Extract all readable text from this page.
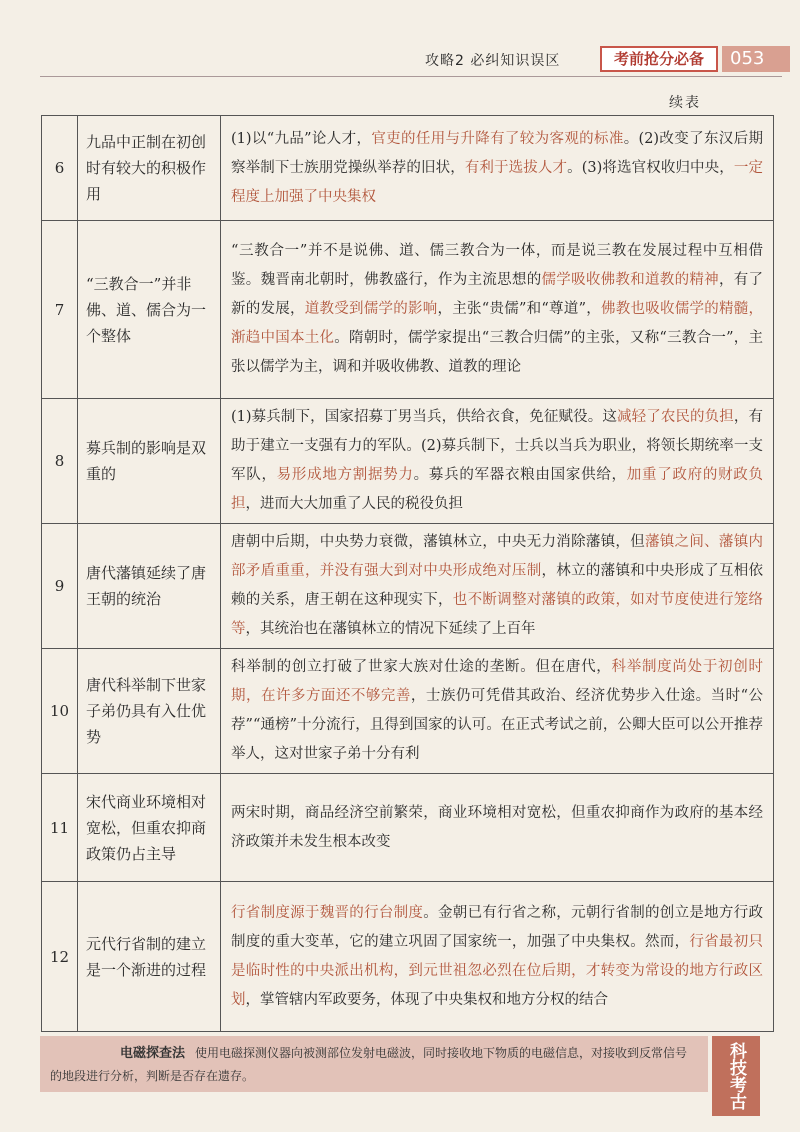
攻略2 必纠知识误区	考前抢分必备	053
续表
6	九品中正制在初创时有较大的积极作用	(1)以“九品”论人才，官吏的任用与升降有了较为客观的标准。(2)改变了东汉后期察举制下士族朋党操纵举荐的旧状，有利于选拔人才。(3)将选官权收归中央，一定程度上加强了中央集权
7	“三教合一”并非佛、道、儒合为一个整体	“三教合一”并不是说佛、道、儒三教合为一体，而是说三教在发展过程中互相借鉴。魏晋南北朝时，佛教盛行，作为主流思想的儒学吸收佛教和道教的精神，有了新的发展，道教受到儒学的影响，主张“贵儒”和“尊道”，佛教也吸收儒学的精髓，渐趋中国本土化。隋朝时，儒学家提出“三教合归儒”的主张，又称“三教合一”，主张以儒学为主，调和并吸收佛教、道教的理论
8	募兵制的影响是双重的	(1)募兵制下，国家招募丁男当兵，供给衣食，免征赋役。这减轻了农民的负担，有助于建立一支强有力的军队。(2)募兵制下，士兵以当兵为职业，将领长期统率一支军队，易形成地方割据势力。募兵的军器衣粮由国家供给，加重了政府的财政负担，进而大大加重了人民的税役负担
9	唐代藩镇延续了唐王朝的统治	唐朝中后期，中央势力衰微，藩镇林立，中央无力消除藩镇，但藩镇之间、藩镇内部矛盾重重，并没有强大到对中央形成绝对压制，林立的藩镇和中央形成了互相依赖的关系，唐王朝在这种现实下，也不断调整对藩镇的政策，如对节度使进行笼络等，其统治也在藩镇林立的情况下延续了上百年
10	唐代科举制下世家子弟仍具有入仕优势	科举制的创立打破了世家大族对仕途的垄断。但在唐代，科举制度尚处于初创时期，在许多方面还不够完善，士族仍可凭借其政治、经济优势步入仕途。当时“公荐”“通榜”十分流行，且得到国家的认可。在正式考试之前，公卿大臣可以公开推荐举人，这对世家子弟十分有利
11	宋代商业环境相对宽松，但重农抑商政策仍占主导	两宋时期，商品经济空前繁荣，商业环境相对宽松，但重农抑商作为政府的基本经济政策并未发生根本改变
12	元代行省制的建立是一个渐进的过程	行省制度源于魏晋的行台制度。金朝已有行省之称，元朝行省制的创立是地方行政制度的重大变革，它的建立巩固了国家统一，加强了中央集权。然而，行省最初只是临时性的中央派出机构，到元世祖忽必烈在位后期，才转变为常设的地方行政区划，掌管辖内军政要务，体现了中央集权和地方分权的结合
电磁探查法 使用电磁探测仪器向被测部位发射电磁波，同时接收地下物质的电磁信息，对接收到反常信号的地段进行分析，判断是否存在遗存。	科技考古
